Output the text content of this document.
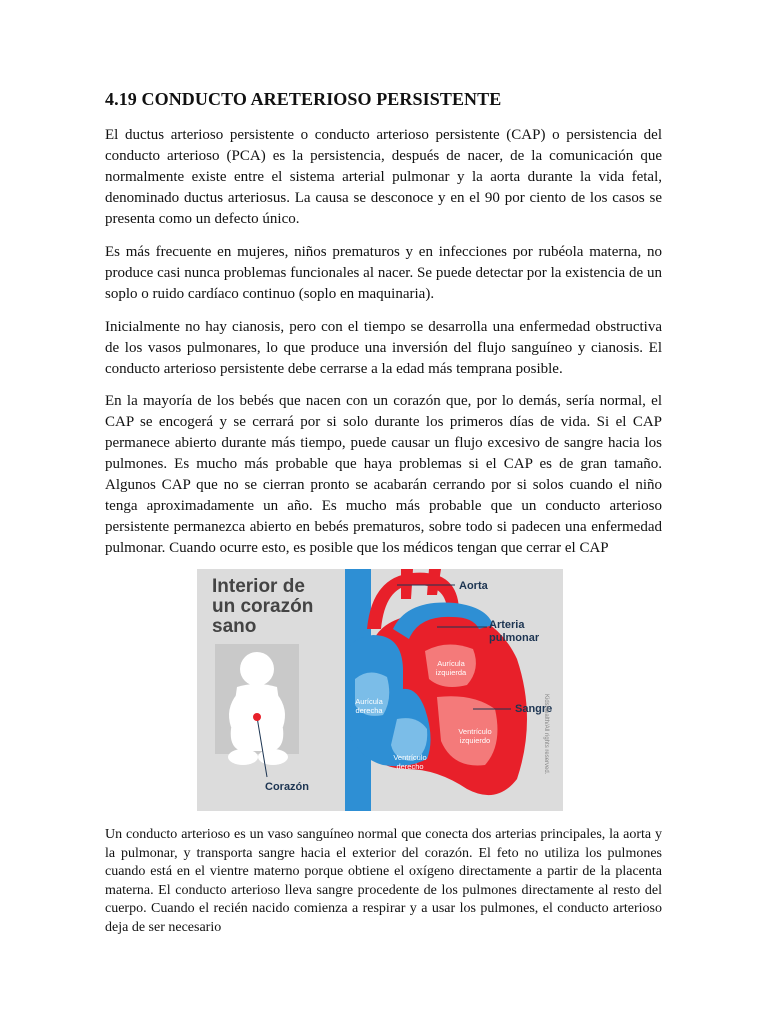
4.19 CONDUCTO ARETERIOSO PERSISTENTE

El ductus arterioso persistente o conducto arterioso persistente (CAP) o persistencia del conducto arterioso (PCA) es la persistencia, después de nacer, de la comunicación que normalmente existe entre el sistema arterial pulmonar y la aorta durante la vida fetal, denominado ductus arteriosus. La causa se desconoce y en el 90 por ciento de los casos se presenta como un defecto único.

Es más frecuente en mujeres, niños prematuros y en infecciones por rubéola materna, no produce casi nunca problemas funcionales al nacer. Se puede detectar por la existencia de un soplo o ruido cardíaco continuo (soplo en maquinaria).

Inicialmente no hay cianosis, pero con el tiempo se desarrolla una enfermedad obstructiva de los vasos pulmonares, lo que produce una inversión del flujo sanguíneo y cianosis. El conducto arterioso persistente debe cerrarse a la edad más temprana posible.

En la mayoría de los bebés que nacen con un corazón que, por lo demás, sería normal, el CAP se encogerá y se cerrará por si solo durante los primeros días de vida. Si el CAP permanece abierto durante más tiempo, puede causar un flujo excesivo de sangre hacia los pulmones. Es mucho más probable que haya problemas si el CAP es de gran tamaño. Algunos CAP que no se cierran pronto se acabarán cerrando por si solos cuando el niño tenga aproximadamente un año. Es mucho más probable que un conducto arterioso persistente permanezca abierto en bebés prematuros, sobre todo si padecen una enfermedad pulmonar. Cuando ocurre esto, es posible que los médicos tengan que cerrar el CAP

Interior de un corazón sano
Aorta
Arteria pulmonar
Aurícula izquierda
Aurícula derecha	Sangre
Ventrículo izquierdo
Ventrículo derecho
Corazón
KidsHealth/All rights reserved.

Un conducto arterioso es un vaso sanguíneo normal que conecta dos arterias principales, la aorta y la pulmonar, y transporta sangre hacia el exterior del corazón. El feto no utiliza los pulmones cuando está en el vientre materno porque obtiene el oxígeno directamente a partir de la placenta materna. El conducto arterioso lleva sangre procedente de los pulmones directamente al resto del cuerpo. Cuando el recién nacido comienza a respirar y a usar los pulmones, el conducto arterioso deja de ser necesario
